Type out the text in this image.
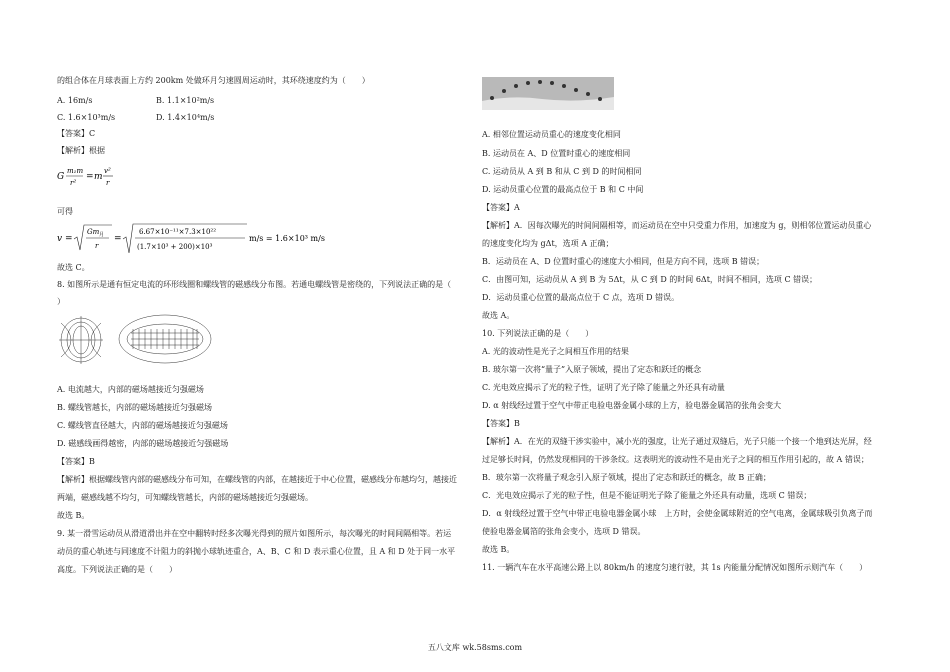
的组合体在月球表面上方约 200km 处做环月匀速圆周运动时，其环绕速度约为（　　）
A. 16m/s	B. 1.1×10²m/s
C. 1.6×10³m/s	D. 1.4×10⁴m/s
【答案】C
【解析】根据
G
m₁m
r²
= m
v²
r
可得
v =
Gm 月
r
=
6.67×10⁻¹¹×7.3×10²²
(1.7×10³ + 200)×10³
m/s = 1.6×10³ m/s
故选 C。
8. 如图所示是通有恒定电流的环形线圈和螺线管的磁感线分布图。若通电螺线管是密绕的，下列说法正确的是（
）
A. 电流越大，内部的磁场越接近匀强磁场
B. 螺线管越长，内部的磁场越接近匀强磁场
C. 螺线管直径越大，内部的磁场越接近匀强磁场
D. 磁感线画得越密，内部的磁场越接近匀强磁场
【答案】B
【解析】根据螺线管内部的磁感线分布可知，在螺线管的内部，在越接近于中心位置，磁感线分布越均匀，越接近
两端，磁感线越不均匀，可知螺线管越长，内部的磁场越接近匀强磁场。
故选 B。
9. 某一滑雪运动员从滑道滑出并在空中翻转时经多次曝光得到的照片如图所示，每次曝光的时间间隔相等。若运
动员的重心轨迹与同速度不计阻力的斜抛小球轨迹重合，A、B、C 和 D 表示重心位置，且 A 和 D 处于同一水平
高度。下列说法正确的是（　　）
A. 相邻位置运动员重心的速度变化相同
B. 运动员在 A、D 位置时重心的速度相同
C. 运动员从 A 到 B 和从 C 到 D 的时间相同
D. 运动员重心位置的最高点位于 B 和 C 中间
【答案】A
【解析】A．因每次曝光的时间间隔相等，而运动员在空中只受重力作用，加速度为 g，则相邻位置运动员重心
的速度变化均为 gΔt，选项 A 正确；
B．运动员在 A、D 位置时重心的速度大小相同，但是方向不同，选项 B 错误；
C．由图可知，运动员从 A 到 B 为 5Δt，从 C 到 D 的时间 6Δt，时间不相同，选项 C 错误；
D．运动员重心位置的最高点位于 C 点，选项 D 错误。
故选 A。
10. 下列说法正确的是（　　）
A. 光的波动性是光子之间相互作用的结果
B. 玻尔第一次将“量子”入原子领域，提出了定态和跃迁的概念
C. 光电效应揭示了光的粒子性，证明了光子除了能量之外还具有动量
D. α 射线经过置于空气中带正电验电器金属小球的上方，验电器金属箔的张角会变大
【答案】B
【解析】A．在光的双缝干涉实验中，减小光的强度，让光子通过双缝后，光子只能一个接一个地到达光屏，经
过足够长时间，仍然发现相同的干涉条纹。这表明光的波动性不是由光子之间的相互作用引起的，故 A 错误；
B．玻尔第一次将量子观念引入原子领域，提出了定态和跃迁的概念，故 B 正确；
C．光电效应揭示了光的粒子性，但是不能证明光子除了能量之外还具有动量，选项 C 错误；
D．α 射线经过置于空气中带正电验电器金属小球　上方时，会使金属球附近的空气电离，金属球吸引负离子而
使验电器金属箔的张角会变小，选项 D 错误。
故选 B。
11. 一辆汽车在水平高速公路上以 80km/h 的速度匀速行驶，其 1s 内能量分配情况如图所示则汽车（　　）
五八文库 wk.58sms.com
